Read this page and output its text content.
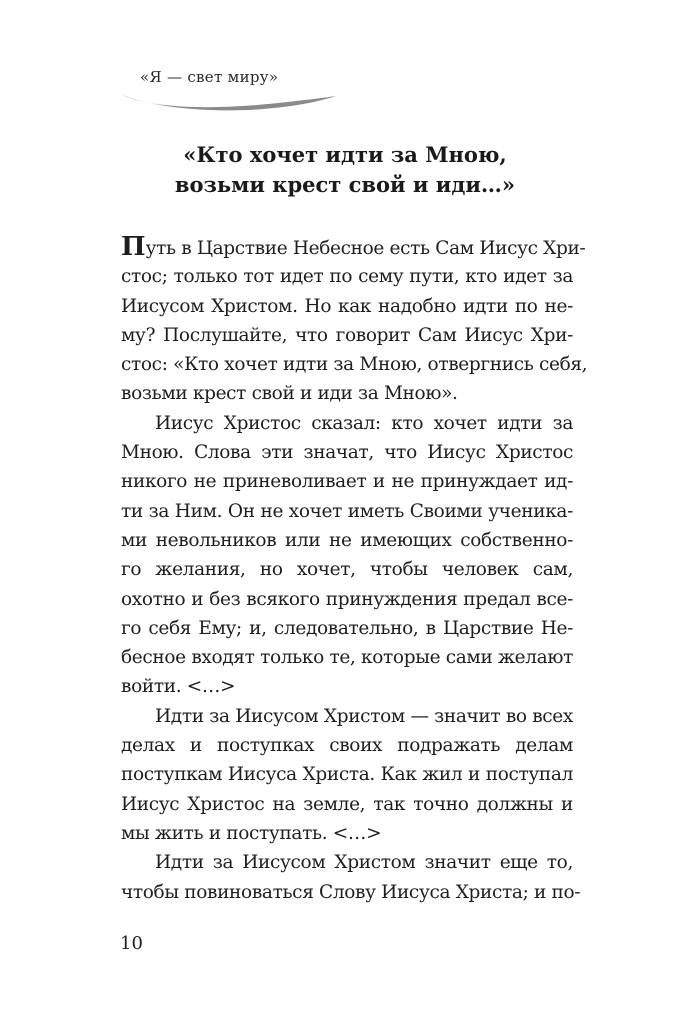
«Я — свет миру»
«Кто хочет идти за Мною,
возьми крест свой и иди…»
Путь в Царствие Небесное есть Сам Иисус Хри-
стос; только тот идет по сему пути, кто идет за
Иисусом Христом. Но как надобно идти по не-
му? Послушайте, что говорит Сам Иисус Хри-
стос: «Кто хочет идти за Мною, отвергнись себя,
возьми крест свой и иди за Мною».
Иисус Христос сказал: кто хочет идти за
Мною. Слова эти значат, что Иисус Христос
никого не приневоливает и не принуждает ид-
ти за Ним. Он не хочет иметь Своими ученика-
ми невольников или не имеющих собственно-
го желания, но хочет, чтобы человек сам,
охотно и без всякого принуждения предал все-
го себя Ему; и, следовательно, в Царствие Не-
бесное входят только те, которые сами желают
войти. <…>
Идти за Иисусом Христом — значит во всех
делах и поступках своих подражать делам
поступкам Иисуса Христа. Как жил и поступал
Иисус Христос на земле, так точно должны и
мы жить и поступать. <…>
Идти за Иисусом Христом значит еще то,
чтобы повиноваться Слову Иисуса Христа; и по-
10
